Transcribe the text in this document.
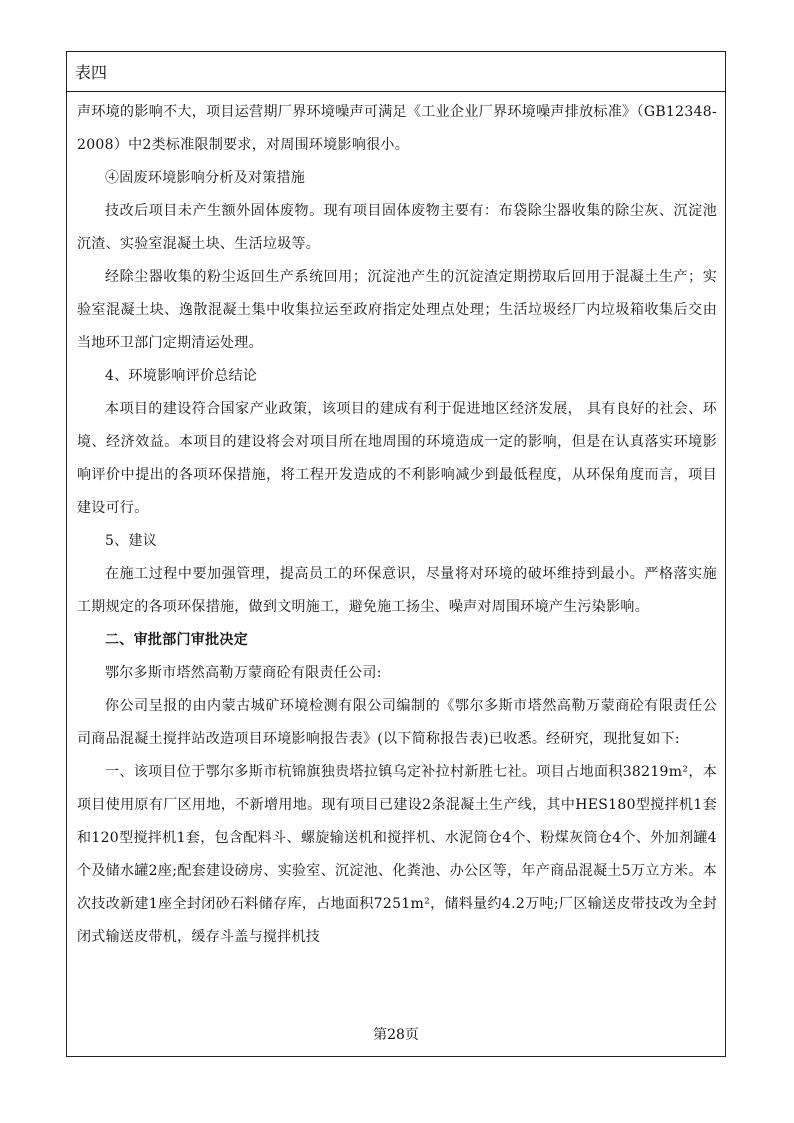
表四

声环境的影响不大，项目运营期厂界环境噪声可满足《工业企业厂界环境噪声排放标准》（GB12348-2008）中2类标准限制要求，对周围环境影响很小。

④固废环境影响分析及对策措施

技改后项目未产生额外固体废物。现有项目固体废物主要有：布袋除尘器收集的除尘灰、沉淀池沉渣、实验室混凝土块、生活垃圾等。

经除尘器收集的粉尘返回生产系统回用；沉淀池产生的沉淀渣定期捞取后回用于混凝土生产；实验室混凝土块、逸散混凝土集中收集拉运至政府指定处理点处理；生活垃圾经厂内垃圾箱收集后交由当地环卫部门定期清运处理。

4、环境影响评价总结论

本项目的建设符合国家产业政策，该项目的建成有利于促进地区经济发展， 具有良好的社会、环境、经济效益。本项目的建设将会对项目所在地周围的环境造成一定的影响，但是在认真落实环境影响评价中提出的各项环保措施，将工程开发造成的不利影响减少到最低程度，从环保角度而言，项目建设可行。

5、建议

在施工过程中要加强管理，提高员工的环保意识，尽量将对环境的破坏维持到最小。严格落实施工期规定的各项环保措施，做到文明施工，避免施工扬尘、噪声对周围环境产生污染影响。

二、审批部门审批决定

鄂尔多斯市塔然高勒万蒙商砼有限责任公司:

你公司呈报的由内蒙古城矿环境检测有限公司编制的《鄂尔多斯市塔然高勒万蒙商砼有限责任公司商品混凝土搅拌站改造项目环境影响报告表》(以下简称报告表)已收悉。经研究，现批复如下:

一、该项目位于鄂尔多斯市杭锦旗独贵塔拉镇乌定补拉村新胜七社。项目占地面积38219m²，本项目使用原有厂区用地，不新增用地。现有项目已建设2条混凝土生产线，其中HES180型搅拌机1套和120型搅拌机1套，包含配料斗、螺旋输送机和搅拌机、水泥筒仓4个、粉煤灰筒仓4个、外加剂罐4个及储水罐2座;配套建设磅房、实验室、沉淀池、化粪池、办公区等，年产商品混凝土5万立方米。本次技改新建1座全封闭砂石料储存库，占地面积7251m²，储料量约4.2万吨;厂区输送皮带技改为全封闭式输送皮带机，缓存斗盖与搅拌机技

第28页
